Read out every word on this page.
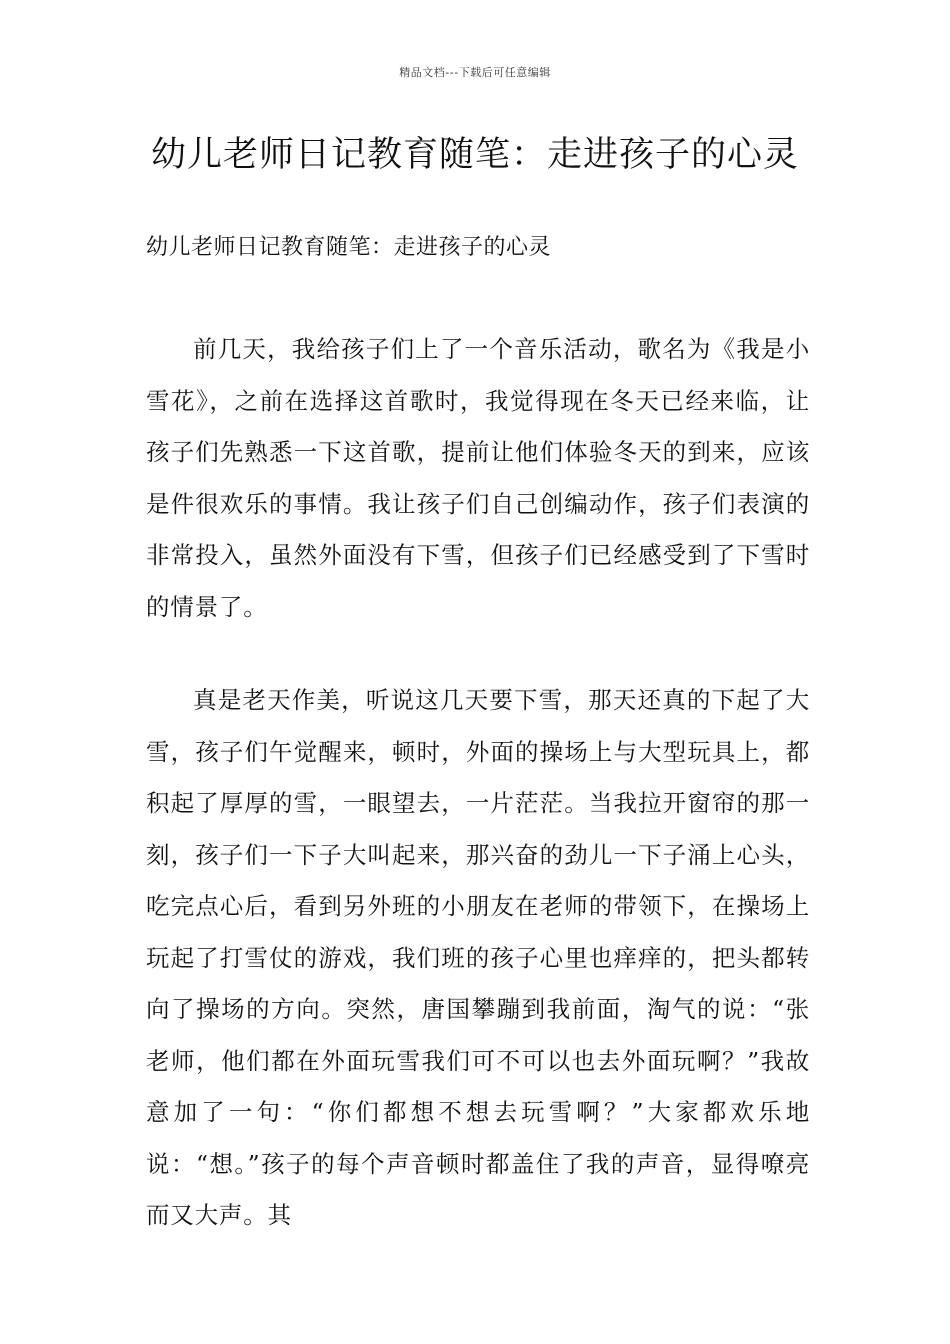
精品文档---下载后可任意编辑
幼儿老师日记教育随笔：走进孩子的心灵

幼儿老师日记教育随笔：走进孩子的心灵

前几天，我给孩子们上了一个音乐活动，歌名为《我是小雪花》，之前在选择这首歌时，我觉得现在冬天已经来临，让孩子们先熟悉一下这首歌，提前让他们体验冬天的到来，应该是件很欢乐的事情。我让孩子们自己创编动作，孩子们表演的非常投入，虽然外面没有下雪，但孩子们已经感受到了下雪时的情景了。

真是老天作美，听说这几天要下雪，那天还真的下起了大雪，孩子们午觉醒来，顿时，外面的操场上与大型玩具上，都积起了厚厚的雪，一眼望去，一片茫茫。当我拉开窗帘的那一刻，孩子们一下子大叫起来，那兴奋的劲儿一下子涌上心头，吃完点心后，看到另外班的小朋友在老师的带领下，在操场上玩起了打雪仗的游戏，我们班的孩子心里也痒痒的，把头都转向了操场的方向。突然，唐国攀蹦到我前面，淘气的说：“张老师，他们都在外面玩雪我们可不可以也去外面玩啊？”我故意加了一句：“你们都想不想去玩雪啊？”大家都欢乐地说：“想。”孩子的每个声音顿时都盖住了我的声音，显得嘹亮而又大声。其
